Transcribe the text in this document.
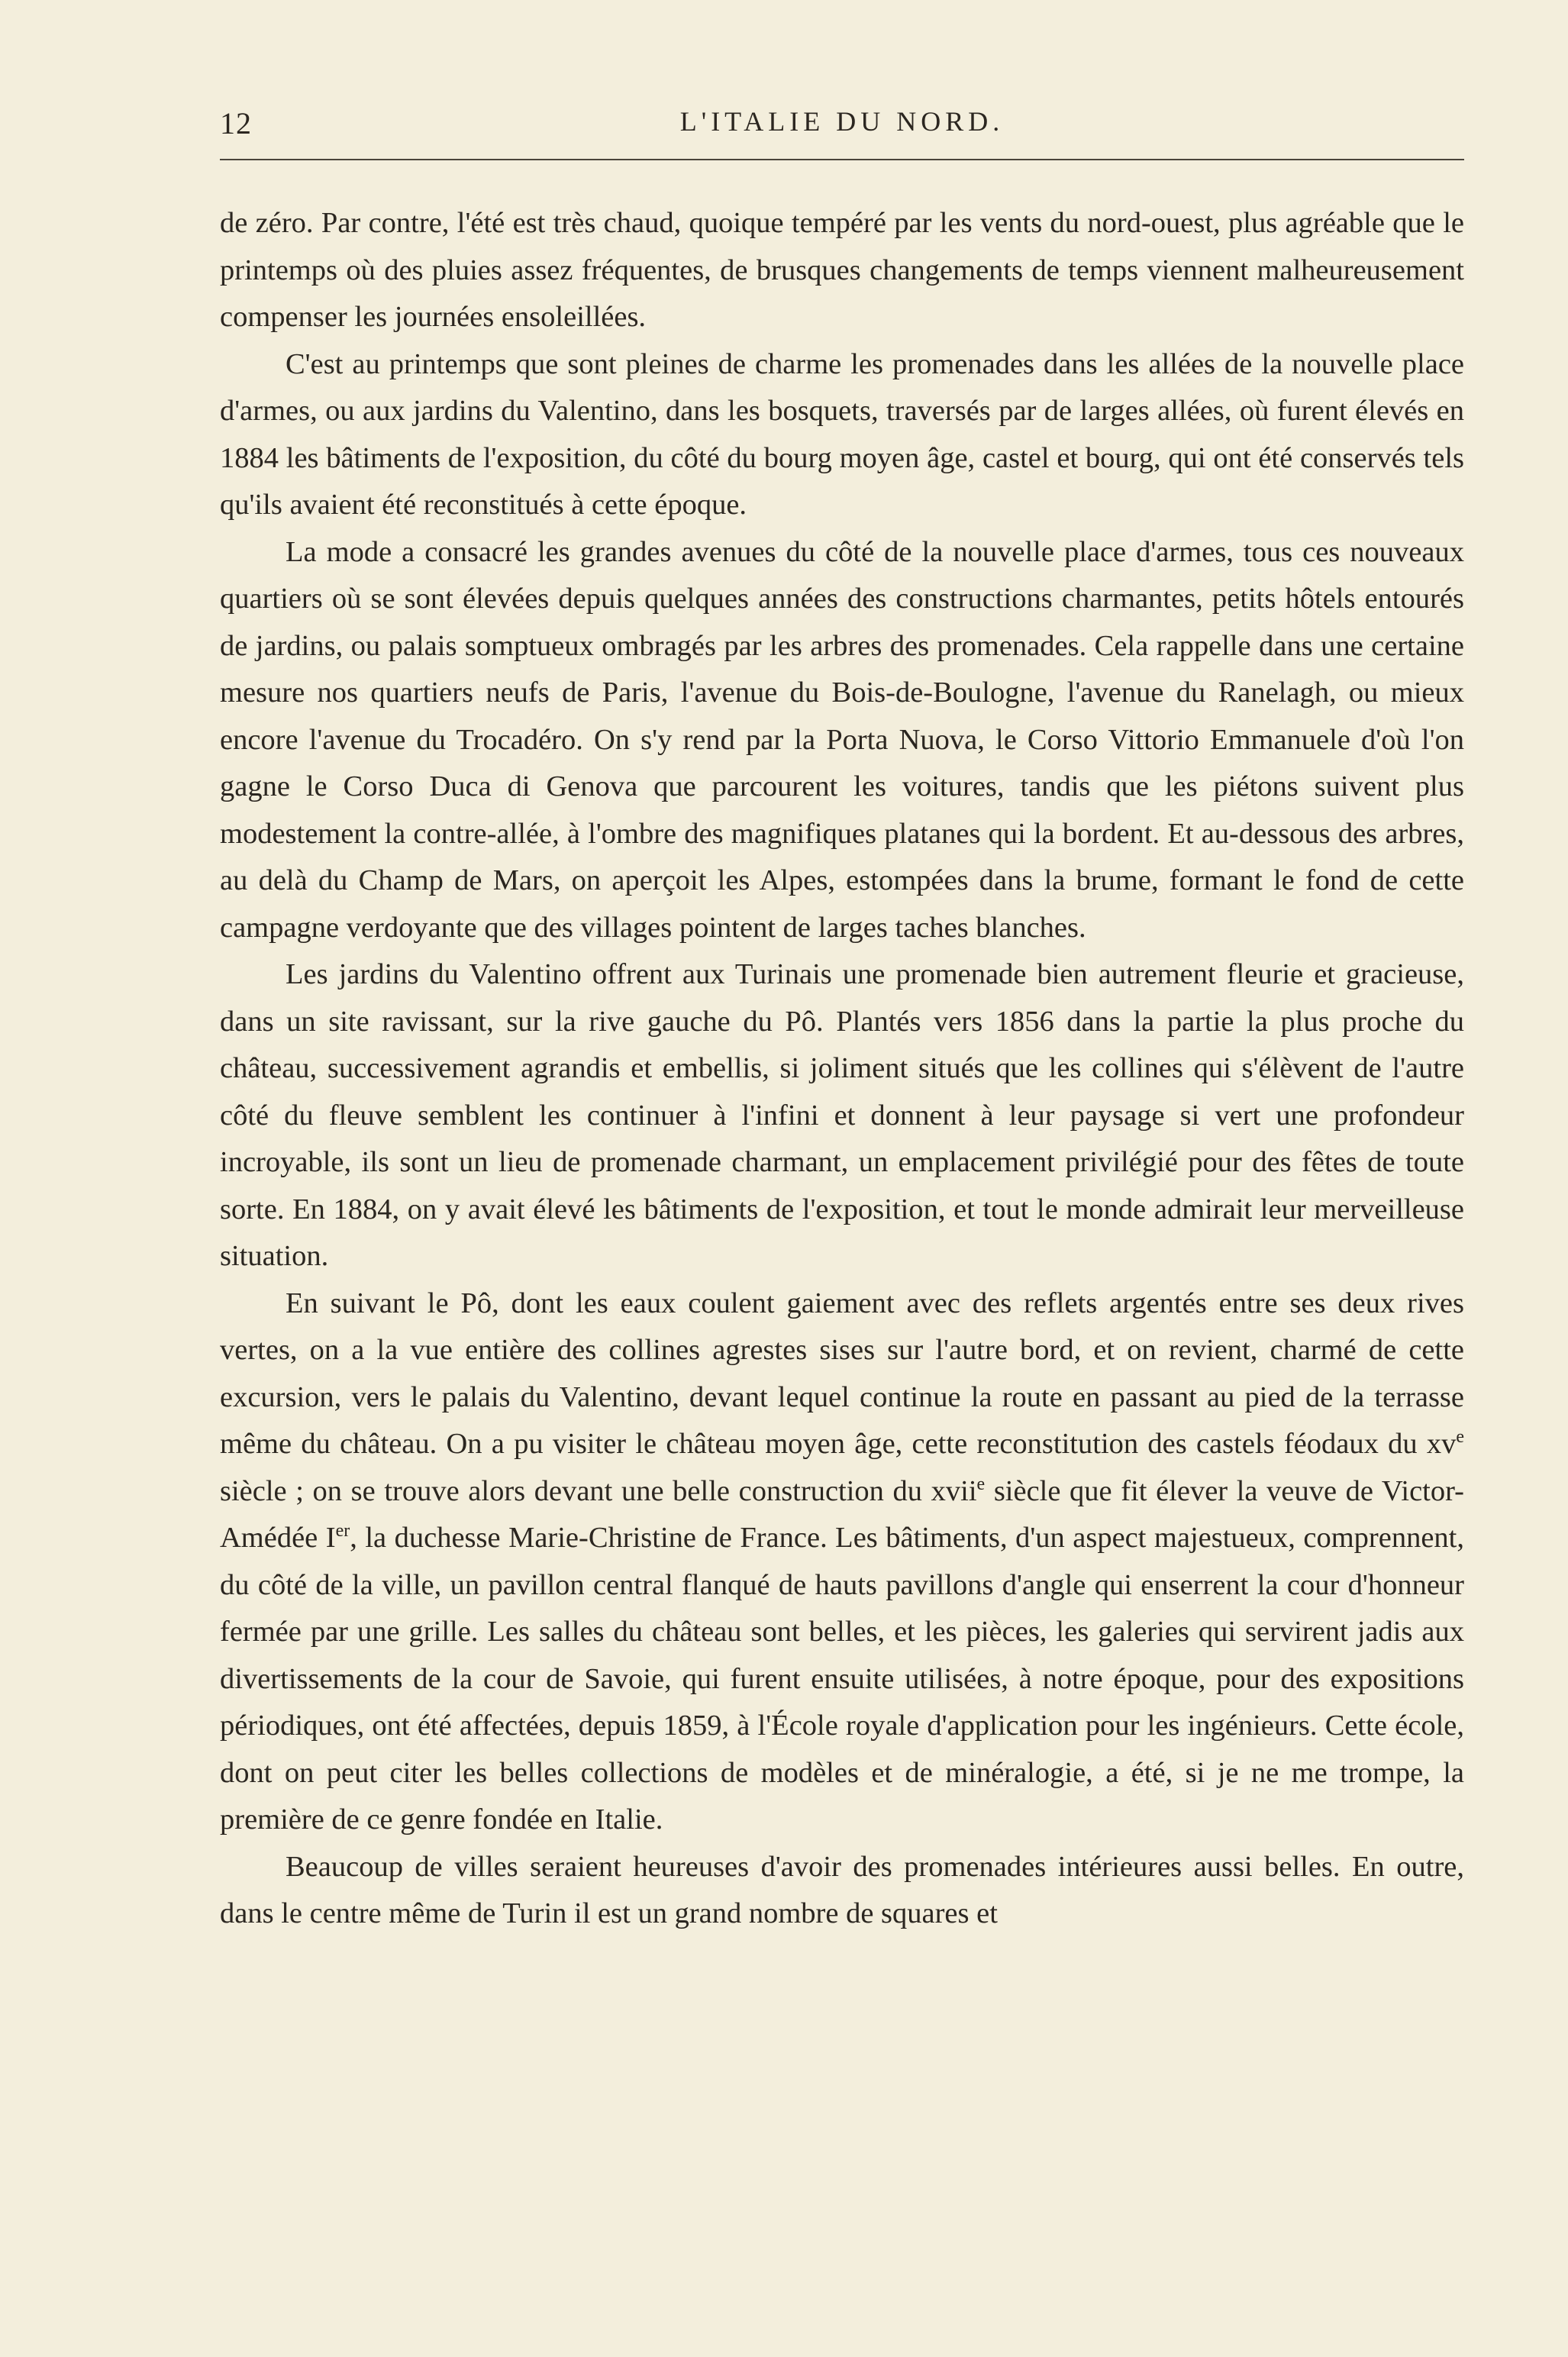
12	L'ITALIE DU NORD.

de zéro. Par contre, l'été est très chaud, quoique tempéré par les vents du nord-ouest, plus agréable que le printemps où des pluies assez fréquentes, de brusques changements de temps viennent malheureusement compenser les journées ensoleillées.

C'est au printemps que sont pleines de charme les promenades dans les allées de la nouvelle place d'armes, ou aux jardins du Valentino, dans les bosquets, traversés par de larges allées, où furent élevés en 1884 les bâtiments de l'exposition, du côté du bourg moyen âge, castel et bourg, qui ont été conservés tels qu'ils avaient été reconstitués à cette époque.

La mode a consacré les grandes avenues du côté de la nouvelle place d'armes, tous ces nouveaux quartiers où se sont élevées depuis quelques années des constructions charmantes, petits hôtels entourés de jardins, ou palais somptueux ombragés par les arbres des promenades. Cela rappelle dans une certaine mesure nos quartiers neufs de Paris, l'avenue du Bois-de-Boulogne, l'avenue du Ranelagh, ou mieux encore l'avenue du Trocadéro. On s'y rend par la Porta Nuova, le Corso Vittorio Emmanuele d'où l'on gagne le Corso Duca di Genova que parcourent les voitures, tandis que les piétons suivent plus modestement la contre-allée, à l'ombre des magnifiques platanes qui la bordent. Et au-dessous des arbres, au delà du Champ de Mars, on aperçoit les Alpes, estompées dans la brume, formant le fond de cette campagne verdoyante que des villages pointent de larges taches blanches.

Les jardins du Valentino offrent aux Turinais une promenade bien autrement fleurie et gracieuse, dans un site ravissant, sur la rive gauche du Pô. Plantés vers 1856 dans la partie la plus proche du château, successivement agrandis et embellis, si joliment situés que les collines qui s'élèvent de l'autre côté du fleuve semblent les continuer à l'infini et donnent à leur paysage si vert une profondeur incroyable, ils sont un lieu de promenade charmant, un emplacement privilégié pour des fêtes de toute sorte. En 1884, on y avait élevé les bâtiments de l'exposition, et tout le monde admirait leur merveilleuse situation.

En suivant le Pô, dont les eaux coulent gaiement avec des reflets argentés entre ses deux rives vertes, on a la vue entière des collines agrestes sises sur l'autre bord, et on revient, charmé de cette excursion, vers le palais du Valentino, devant lequel continue la route en passant au pied de la terrasse même du château. On a pu visiter le château moyen âge, cette reconstitution des castels féodaux du $xv^e$ siècle ; on se trouve alors devant une belle construction du xvii$^e$ siècle que fit élever la veuve de Victor-Amédée Ier, la duchesse Marie-Christine de France. Les bâtiments, d'un aspect majestueux, comprennent, du côté de la ville, un pavillon central flanqué de hauts pavillons d'angle qui enserrent la cour d'honneur fermée par une grille. Les salles du château sont belles, et les pièces, les galeries qui servirent jadis aux divertissements de la cour de Savoie, qui furent ensuite utilisées, à notre époque, pour des expositions périodiques, ont été affectées, depuis 1859, à l'École royale d'application pour les ingénieurs. Cette école, dont on peut citer les belles collections de modèles et de minéralogie, a été, si je ne me trompe, la première de ce genre fondée en Italie.

Beaucoup de villes seraient heureuses d'avoir des promenades intérieures aussi belles. En outre, dans le centre même de Turin il est un grand nombre de squares et
